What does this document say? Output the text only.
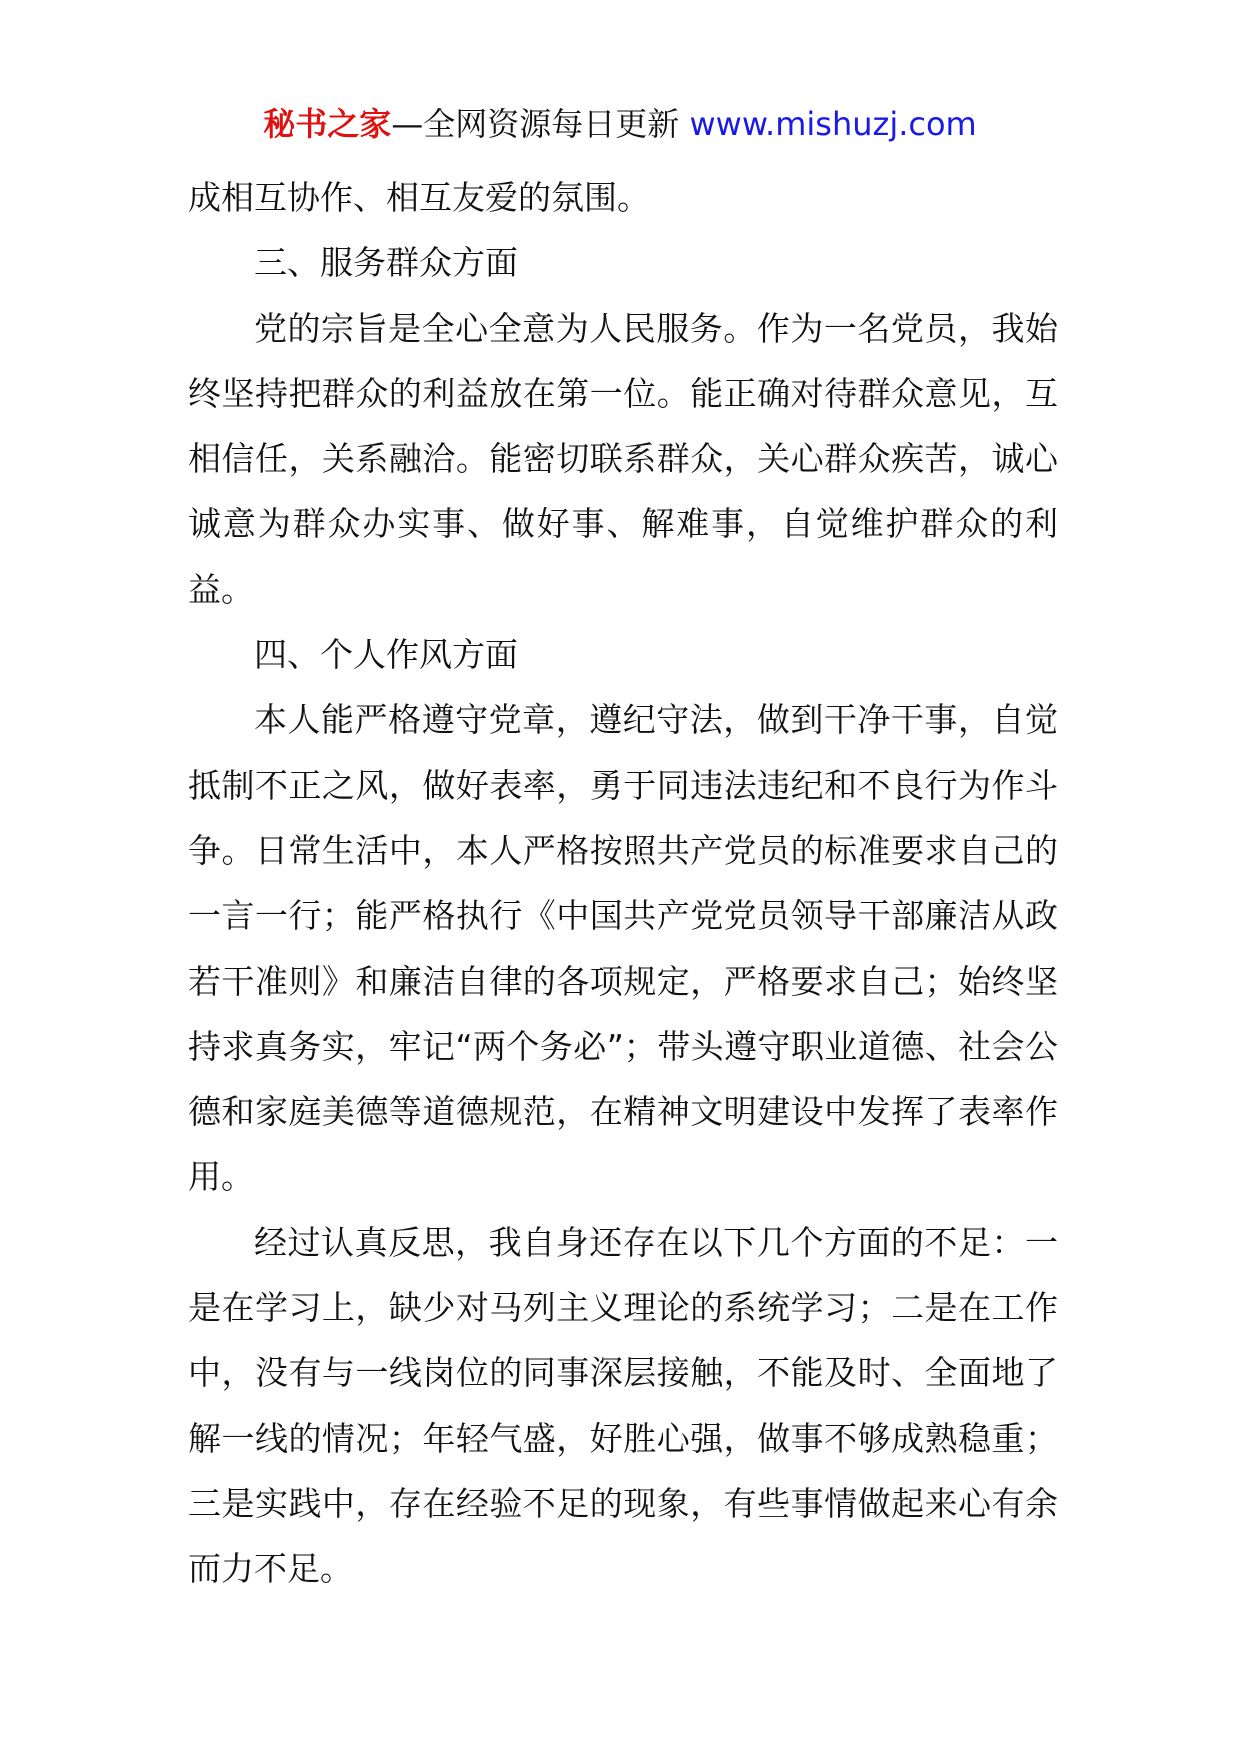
秘书之家—全网资源每日更新 www.mishuzj.com

成相互协作、相互友爱的氛围。

三、服务群众方面

党的宗旨是全心全意为人民服务。作为一名党员，我始终坚持把群众的利益放在第一位。能正确对待群众意见，互相信任，关系融洽。能密切联系群众，关心群众疾苦，诚心诚意为群众办实事、做好事、解难事，自觉维护群众的利益。

四、个人作风方面

本人能严格遵守党章，遵纪守法，做到干净干事，自觉抵制不正之风，做好表率，勇于同违法违纪和不良行为作斗争。日常生活中，本人严格按照共产党员的标准要求自己的一言一行；能严格执行《中国共产党党员领导干部廉洁从政若干准则》和廉洁自律的各项规定，严格要求自己；始终坚持求真务实，牢记“两个务必”；带头遵守职业道德、社会公德和家庭美德等道德规范，在精神文明建设中发挥了表率作用。

经过认真反思，我自身还存在以下几个方面的不足：一是在学习上，缺少对马列主义理论的系统学习；二是在工作中，没有与一线岗位的同事深层接触，不能及时、全面地了解一线的情况；年轻气盛，好胜心强，做事不够成熟稳重；三是实践中，存在经验不足的现象，有些事情做起来心有余而力不足。
